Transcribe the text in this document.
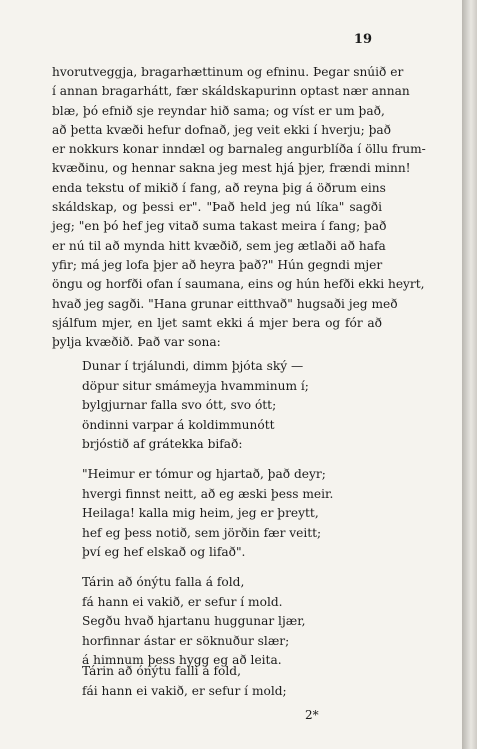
19
hvorutveggja, bragarhættinum og efninu. Þegar snúið er
í annan bragarhátt, fær skáldskapurinn optast nær annan
blæ, þó efnið sje reyndar hið sama; og víst er um það,
að þetta kvæði hefur dofnað, jeg veit ekki í hverju; það
er nokkurs konar inndæl og barnaleg angurblíða í öllu frum-
kvæðinu, og hennar sakna jeg mest hjá þjer, frændi minn!
enda tekstu of mikið í fang, að reyna þig á öðrum eins
skáldskap, og þessi er". "Það held jeg nú líka" sagði
jeg; "en þó hef jeg vitað suma takast meira í fang; það
er nú til að mynda hitt kvæðið, sem jeg ætlaði að hafa
yfir; má jeg lofa þjer að heyra það?" Hún gegndi mjer
öngu og horfði ofan í saumana, eins og hún hefði ekki heyrt,
hvað jeg sagði. "Hana grunar eitthvað" hugsaði jeg með
sjálfum mjer, en ljet samt ekki á mjer bera og fór að
þylja kvæðið. Það var sona:
Dunar í trjálundi, dimm þjóta ský —
döpur situr smámeyja hvamminum í;
bylgjurnar falla svo ótt, svo ótt;
öndinni varpar á koldimmunótt
brjóstið af grátekka bifað:
"Heimur er tómur og hjartað, það deyr;
hvergi finnst neitt, að eg æski þess meir.
Heilaga! kalla mig heim, jeg er þreytt,
hef eg þess notið, sem jörðin fær veitt;
því eg hef elskað og lifað".
Tárin að ónýtu falla á fold,
fá hann ei vakið, er sefur í mold.
Segðu hvað hjartanu huggunar ljær,
horfinnar ástar er söknuður slær;
á himnum þess hygg eg að leita.
Tárin að ónýtu falli á fold,
fái hann ei vakið, er sefur í mold;
2*
